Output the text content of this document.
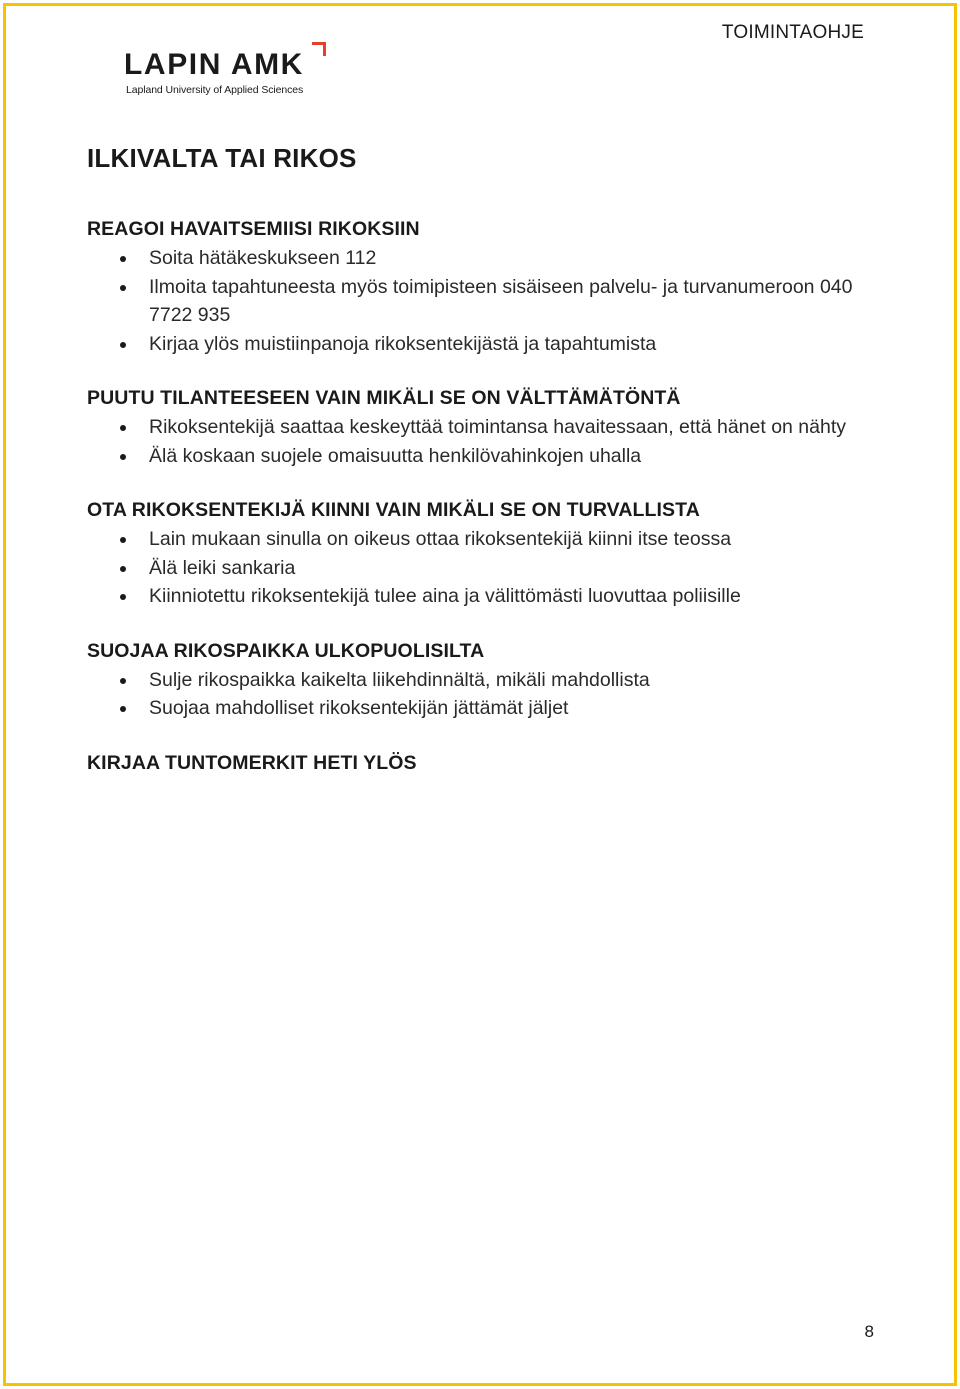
TOIMINTAOHJE
LAPIN AMK
Lapland University of Applied Sciences
ILKIVALTA TAI RIKOS
REAGOI HAVAITSEMIISI RIKOKSIIN
Soita hätäkeskukseen 112
Ilmoita tapahtuneesta myös toimipisteen sisäiseen palvelu- ja turvanumeroon 040 7722 935
Kirjaa ylös muistiinpanoja rikoksentekijästä ja tapahtumista
PUUTU TILANTEESEEN VAIN MIKÄLI SE ON VÄLTTÄMÄTÖNTÄ
Rikoksentekijä saattaa keskeyttää toimintansa havaitessaan, että hänet on nähty
Älä koskaan suojele omaisuutta henkilövahinkojen uhalla
OTA RIKOKSENTEKIJÄ KIINNI VAIN MIKÄLI SE ON TURVALLISTA
Lain mukaan sinulla on oikeus ottaa rikoksentekijä kiinni itse teossa
Älä leiki sankaria
Kiinniotettu rikoksentekijä tulee aina ja välittömästi luovuttaa poliisille
SUOJAA RIKOSPAIKKA ULKOPUOLISILTA
Sulje rikospaikka kaikelta liikehdinnältä, mikäli mahdollista
Suojaa mahdolliset rikoksentekijän jättämät jäljet
KIRJAA TUNTOMERKIT HETI YLÖS
8
